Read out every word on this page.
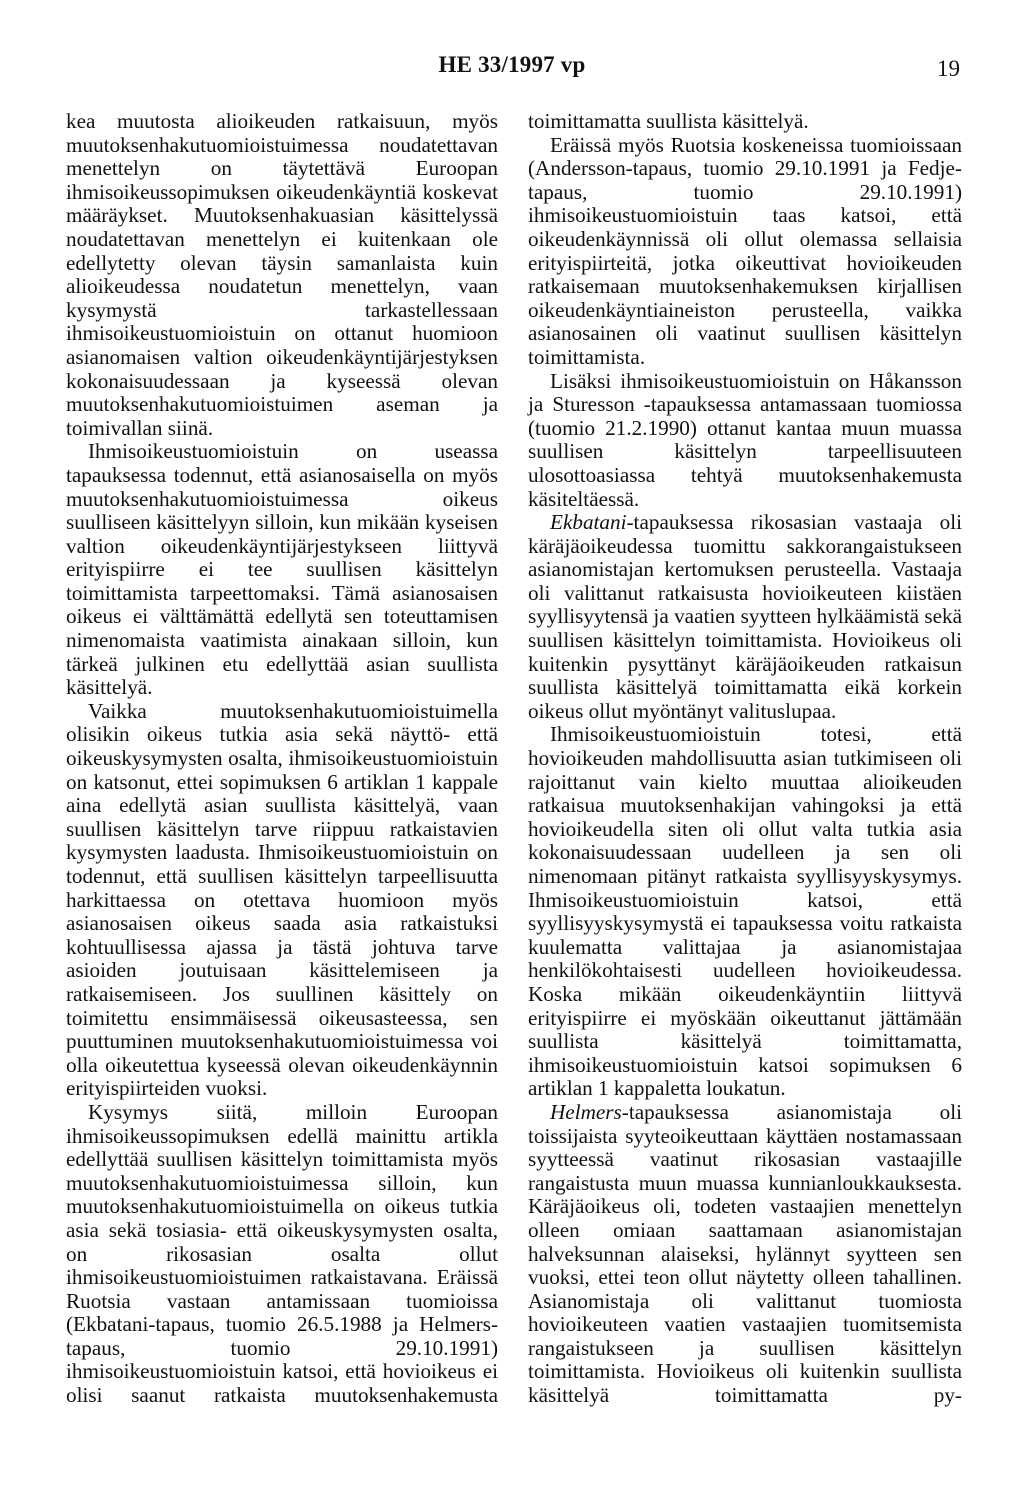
HE 33/1997 vp	19

kea muutosta alioikeuden ratkaisuun, myös muutoksenhakutuomioistuimessa noudatettavan menettelyn on täytettävä Euroopan ihmisoikeussopimuksen oikeudenkäyntiä koskevat määräykset. Muutoksenhakuasian käsittelyssä noudatettavan menettelyn ei kuitenkaan ole edellytetty olevan täysin samanlaista kuin alioikeudessa noudatetun menettelyn, vaan kysymystä tarkastellessaan ihmisoikeustuomioistuin on ottanut huomioon asianomaisen valtion oikeudenkäyntijärjestyksen kokonaisuudessaan ja kyseessä olevan muutoksenhakutuomioistuimen aseman ja toimivallan siinä.

Ihmisoikeustuomioistuin on useassa tapauksessa todennut, että asianosaisella on myös muutoksenhakutuomioistuimessa oikeus suulliseen käsittelyyn silloin, kun mikään kyseisen valtion oikeudenkäyntijärjestykseen liittyvä erityispiirre ei tee suullisen käsittelyn toimittamista tarpeettomaksi. Tämä asianosaisen oikeus ei välttämättä edellytä sen toteuttamisen nimenomaista vaatimista ainakaan silloin, kun tärkeä julkinen etu edellyttää asian suullista käsittelyä.

Vaikka muutoksenhakutuomioistuimella olisikin oikeus tutkia asia sekä näyttö- että oikeuskysymysten osalta, ihmisoikeustuomioistuin on katsonut, ettei sopimuksen 6 artiklan 1 kappale aina edellytä asian suullista käsittelyä, vaan suullisen käsittelyn tarve riippuu ratkaistavien kysymysten laadusta. Ihmisoikeustuomioistuin on todennut, että suullisen käsittelyn tarpeellisuutta harkittaessa on otettava huomioon myös asianosaisen oikeus saada asia ratkaistuksi kohtuullisessa ajassa ja tästä johtuva tarve asioiden joutuisaan käsittelemiseen ja ratkaisemiseen. Jos suullinen käsittely on toimitettu ensimmäisessä oikeusasteessa, sen puuttuminen muutoksenhakutuomioistuimessa voi olla oikeutettua kyseessä olevan oikeudenkäynnin erityispiirteiden vuoksi.

Kysymys siitä, milloin Euroopan ihmisoikeussopimuksen edellä mainittu artikla edellyttää suullisen käsittelyn toimittamista myös muutoksenhakutuomioistuimessa silloin, kun muutoksenhakutuomioistuimella on oikeus tutkia asia sekä tosiasia- että oikeuskysymysten osalta, on rikosasian osalta ollut ihmisoikeustuomioistuimen ratkaistavana. Eräissä Ruotsia vastaan antamissaan tuomioissa (Ekbatani-tapaus, tuomio 26.5.1988 ja Helmers-tapaus, tuomio 29.10.1991) ihmisoikeustuomioistuin katsoi, että hovioikeus ei olisi saanut ratkaista muutoksenhakemusta

toimittamatta suullista käsittelyä.

Eräissä myös Ruotsia koskeneissa tuomioissaan (Andersson-tapaus, tuomio 29.10.1991 ja Fedje-tapaus, tuomio 29.10.1991) ihmisoikeustuomioistuin taas katsoi, että oikeudenkäynnissä oli ollut olemassa sellaisia erityispiirteitä, jotka oikeuttivat hovioikeuden ratkaisemaan muutoksenhakemuksen kirjallisen oikeudenkäyntiaineiston perusteella, vaikka asianosainen oli vaatinut suullisen käsittelyn toimittamista.

Lisäksi ihmisoikeustuomioistuin on Håkansson ja Sturesson -tapauksessa antamassaan tuomiossa (tuomio 21.2.1990) ottanut kantaa muun muassa suullisen käsittelyn tarpeellisuuteen ulosottoasiassa tehtyä muutoksenhakemusta käsiteltäessä.

Ekbatani-tapauksessa rikosasian vastaaja oli käräjäoikeudessa tuomittu sakkorangaistukseen asianomistajan kertomuksen perusteella. Vastaaja oli valittanut ratkaisusta hovioikeuteen kiistäen syyllisyytensä ja vaatien syytteen hylkäämistä sekä suullisen käsittelyn toimittamista. Hovioikeus oli kuitenkin pysyttänyt käräjäoikeuden ratkaisun suullista käsittelyä toimittamatta eikä korkein oikeus ollut myöntänyt valituslupaa.

Ihmisoikeustuomioistuin totesi, että hovioikeuden mahdollisuutta asian tutkimiseen oli rajoittanut vain kielto muuttaa alioikeuden ratkaisua muutoksenhakijan vahingoksi ja että hovioikeudella siten oli ollut valta tutkia asia kokonaisuudessaan uudelleen ja sen oli nimenomaan pitänyt ratkaista syyllisyyskysymys. Ihmisoikeustuomioistuin katsoi, että syyllisyyskysymystä ei tapauksessa voitu ratkaista kuulematta valittajaa ja asianomistajaa henkilökohtaisesti uudelleen hovioikeudessa. Koska mikään oikeudenkäyntiin liittyvä erityispiirre ei myöskään oikeuttanut jättämään suullista käsittelyä toimittamatta, ihmisoikeustuomioistuin katsoi sopimuksen 6 artiklan 1 kappaletta loukatun.

Helmers-tapauksessa asianomistaja oli toissijaista syyteoikeuttaan käyttäen nostamassaan syytteessä vaatinut rikosasian vastaajille rangaistusta muun muassa kunnianloukkauksesta. Käräjäoikeus oli, todeten vastaajien menettelyn olleen omiaan saattamaan asianomistajan halveksunnan alaiseksi, hylännyt syytteen sen vuoksi, ettei teon ollut näytetty olleen tahallinen. Asianomistaja oli valittanut tuomiosta hovioikeuteen vaatien vastaajien tuomitsemista rangaistukseen ja suullisen käsittelyn toimittamista. Hovioikeus oli kuitenkin suullista käsittelyä toimittamatta py-
